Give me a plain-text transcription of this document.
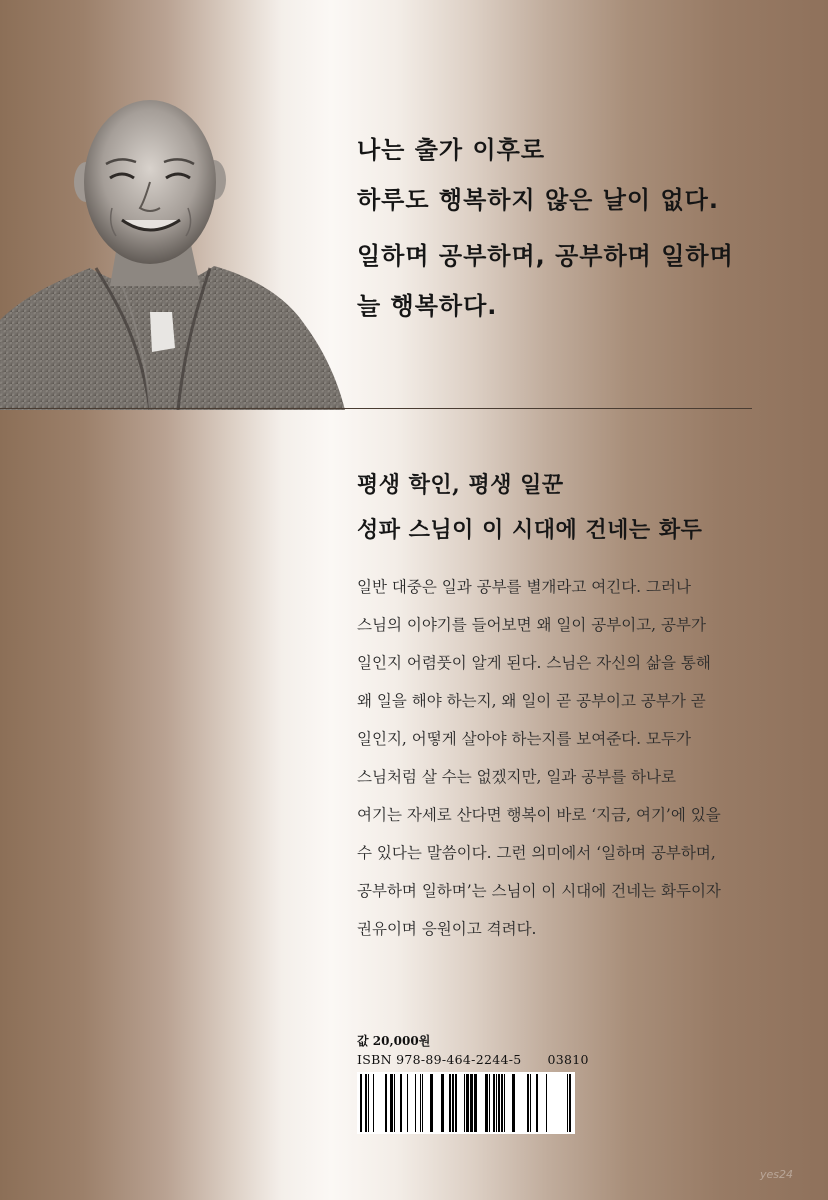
나는 출가 이후로

하루도 행복하지 않은 날이 없다.

일하며 공부하며, 공부하며 일하며

늘 행복하다.

평생 학인, 평생 일꾼

성파 스님이 이 시대에 건네는 화두

일반 대중은 일과 공부를 별개라고 여긴다. 그러나

스님의 이야기를 들어보면 왜 일이 공부이고, 공부가

일인지 어렴풋이 알게 된다. 스님은 자신의 삶을 통해

왜 일을 해야 하는지, 왜 일이 곧 공부이고 공부가 곧

일인지, 어떻게 살아야 하는지를 보여준다. 모두가

스님처럼 살 수는 없겠지만, 일과 공부를 하나로

여기는 자세로 산다면 행복이 바로 ‘지금, 여기’에 있을

수 있다는 말씀이다. 그런 의미에서 ‘일하며 공부하며,

공부하며 일하며’는 스님이 이 시대에 건네는 화두이자

권유이며 응원이고 격려다.

값 20,000원

ISBN 978-89-464-2244-5 03810

yes24
